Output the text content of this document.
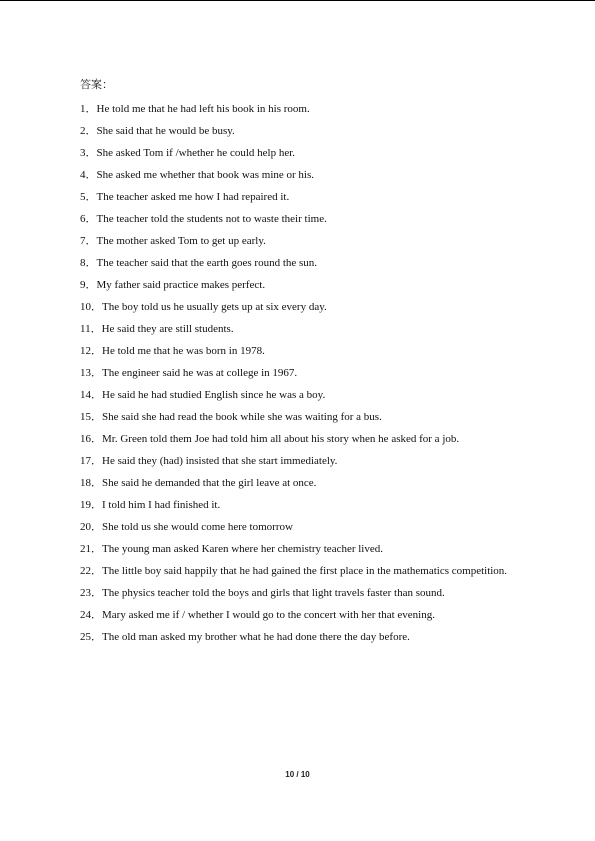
答案：
1．He told me that he had left his book in his room.
2．She said that he would be busy.
3．She asked Tom if /whether he could help her.
4．She asked me whether that book was mine or his.
5．The teacher asked me how I had repaired it.
6．The teacher told the students not to waste their time.
7．The mother asked Tom to get up early.
8．The teacher said that the earth goes round the sun.
9．My father said practice makes perfect.
10．The boy told us he usually gets up at six every day.
11．He said they are still students.
12．He told me that he was born in 1978.
13．The engineer said he was at college in 1967.
14．He said he had studied English since he was a boy.
15．She said she had read the book while she was waiting for a bus.
16．Mr. Green told them Joe had told him all about his story when he asked for a job.
17．He said they (had) insisted that she start immediately.
18．She said he demanded that the girl leave at once.
19．I told him I had finished it.
20．She told us she would come here tomorrow
21．The young man asked Karen where her chemistry teacher lived.
22．The little boy said happily that he had gained the first place in the mathematics competition.
23．The physics teacher told the boys and girls that light travels faster than sound.
24．Mary asked me if / whether I would go to the concert with her that evening.
25．The old man asked my brother what he had done there the day before.
10 / 10
